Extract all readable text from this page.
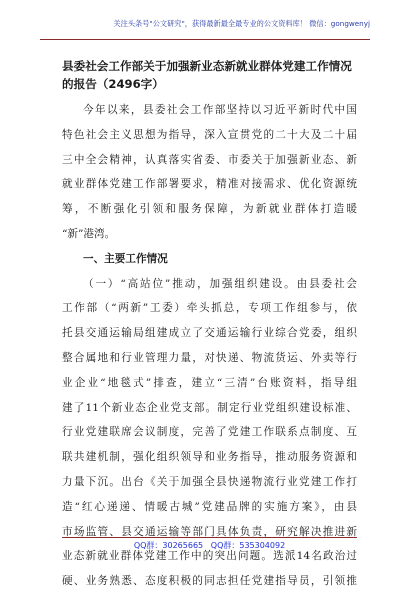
关注头条号"公文研究"，获得最新最全最专业的公文资料库！ 微信：gongwenyj
县委社会工作部关于加强新业态新就业群体党建工作情况
的报告（2496字）
今年以来，县委社会工作部坚持以习近平新时代中国
特色社会主义思想为指导，深入宣贯党的二十大及二十届
三中全会精神，认真落实省委、市委关于加强新业态、新
就业群体党建工作部署要求，精准对接需求、优化资源统
筹，不断强化引领和服务保障，为新就业群体打造暖
“新”港湾。
一、主要工作情况
（一）“高站位”推动，加强组织建设。由县委社会
工作部（“两新”工委）牵头抓总，专项工作组参与，依
托县交通运输局组建成立了交通运输行业综合党委，组织
整合属地和行业管理力量，对快递、物流货运、外卖等行
业企业“地毯式”排查，建立“三清”台账资料，指导组
建了11个新业态企业党支部。制定行业党组织建设标准、
行业党建联席会议制度，完善了党建工作联系点制度、互
联共建机制，强化组织领导和业务指导，推动服务资源和
力量下沉。出台《关于加强全县快递物流行业党建工作打
造“红心递递、情暖古城”党建品牌的实施方案》，由县
市场监管、县交通运输等部门具体负责，研究解决推进新
业态新就业群体党建工作中的突出问题。选派14名政治过
硬、业务熟悉、态度积极的同志担任党建指导员，引领推
QQ群：30265665 QQ群：535304092
